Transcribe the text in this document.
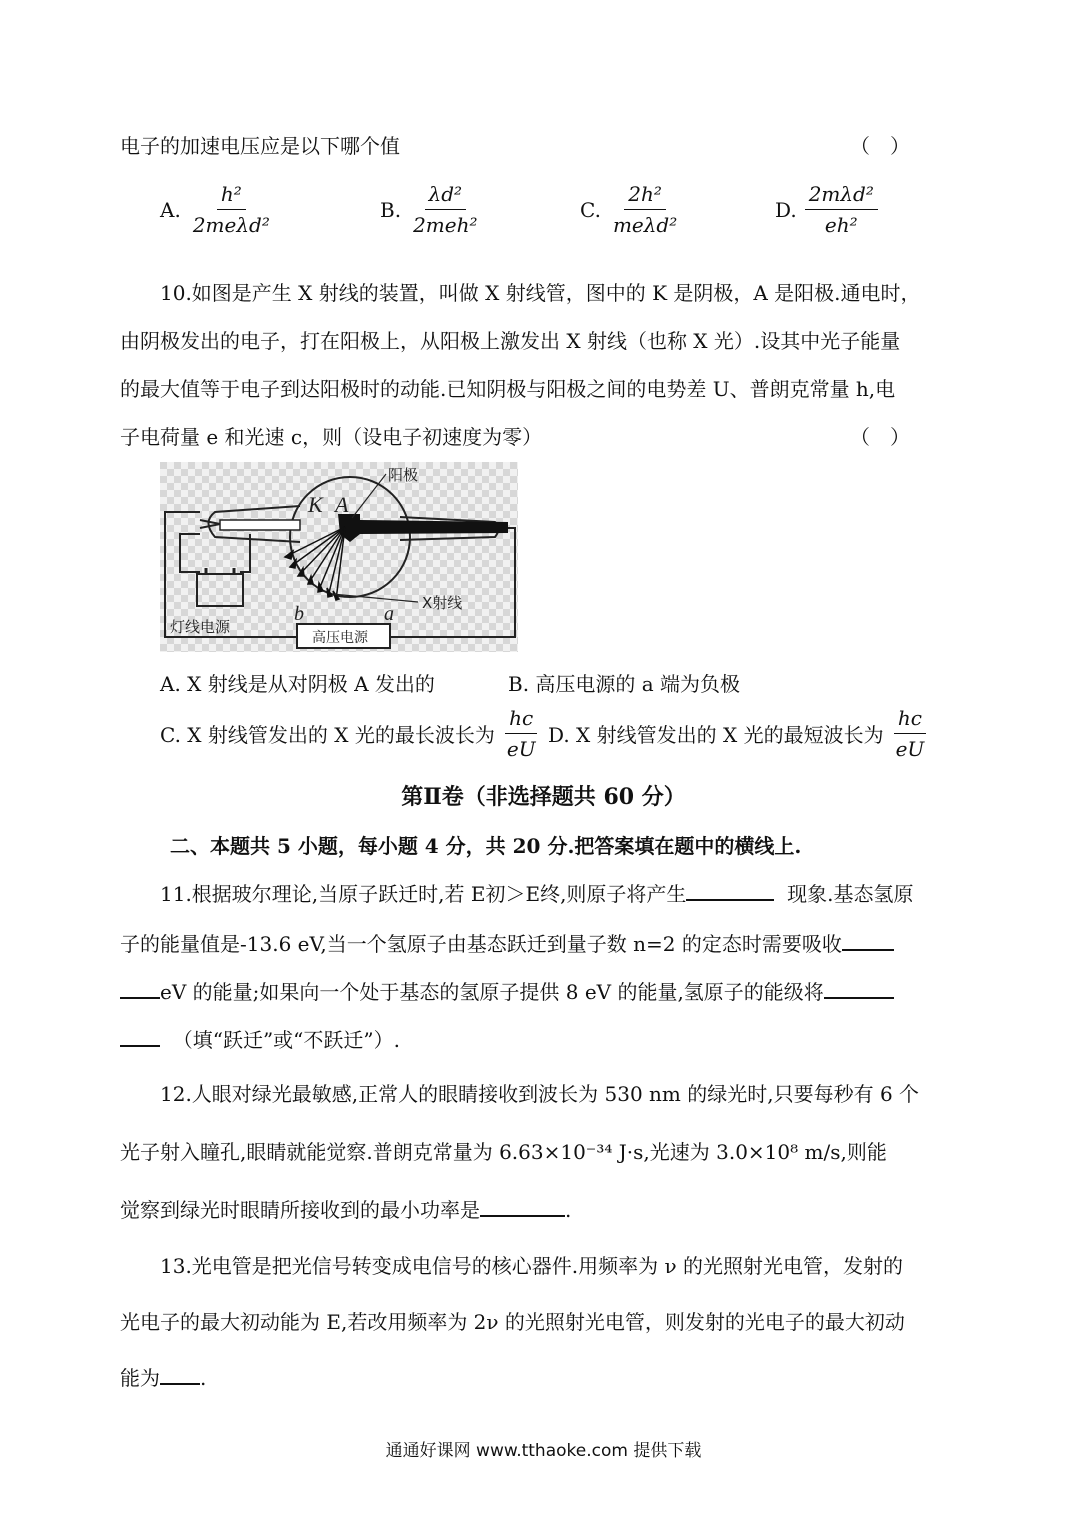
电子的加速电压应是以下哪个值	（　）
A. $\frac{\text{h²}}{\text{2meλd²}}$	B. $\frac{\text{λd²}}{\text{2meh²}}$	C. $\frac{\text{2h²}}{\text{meλd²}}$	D. $\frac{\text{2mλd²}}{\text{eh²}}$
10.如图是产生 X 射线的装置，叫做 X 射线管，图中的 K 是阴极，A 是阳极.通电时，
由阴极发出的电子，打在阳极上，从阳极上激发出 X 射线（也称 X 光）.设其中光子能量
的最大值等于电子到达阳极时的动能.已知阴极与阳极之间的电势差 U、普朗克常量 h,电
子电荷量 e 和光速 c，则（设电子初速度为零）	（　）
阳极
K A
X射线
灯线电源
b
高压电源
a
A. X 射线是从对阴极 A 发出的	B. 高压电源的 a 端为负极
C. X 射线管发出的 X 光的最长波长为 $\frac{hc}{eU} D$. X 射线管发出的 X 光的最短波长为 $\frac{hc}{eU}$
第Ⅱ卷（非选择题共 60 分）
二、本题共 5 小题，每小题 4 分，共 20 分.把答案填在题中的横线上.
11.根据玻尔理论,当原子跃迁时,若 E初＞E终,则原子将产生	现象.基态氢原
子的能量值是-13.6 eV,当一个氢原子由基态跃迁到量子数 n=2 的定态时需要吸收
eV 的能量;如果向一个处于基态的氢原子提供 8 eV 的能量,氢原子的能级将
（填“跃迁”或“不跃迁”）.
12.人眼对绿光最敏感,正常人的眼睛接收到波长为 530 nm 的绿光时,只要每秒有 6 个
光子射入瞳孔,眼睛就能觉察.普朗克常量为 6.63×10⁻³⁴ J·s,光速为 3.0×10⁸ m/s,则能
觉察到绿光时眼睛所接收到的最小功率是	.
13.光电管是把光信号转变成电信号的核心器件.用频率为 ν 的光照射光电管，发射的
光电子的最大初动能为 E,若改用频率为 2ν 的光照射光电管，则发射的光电子的最大初动
能为 .
通通好课网 www.tthaoke.com 提供下载
